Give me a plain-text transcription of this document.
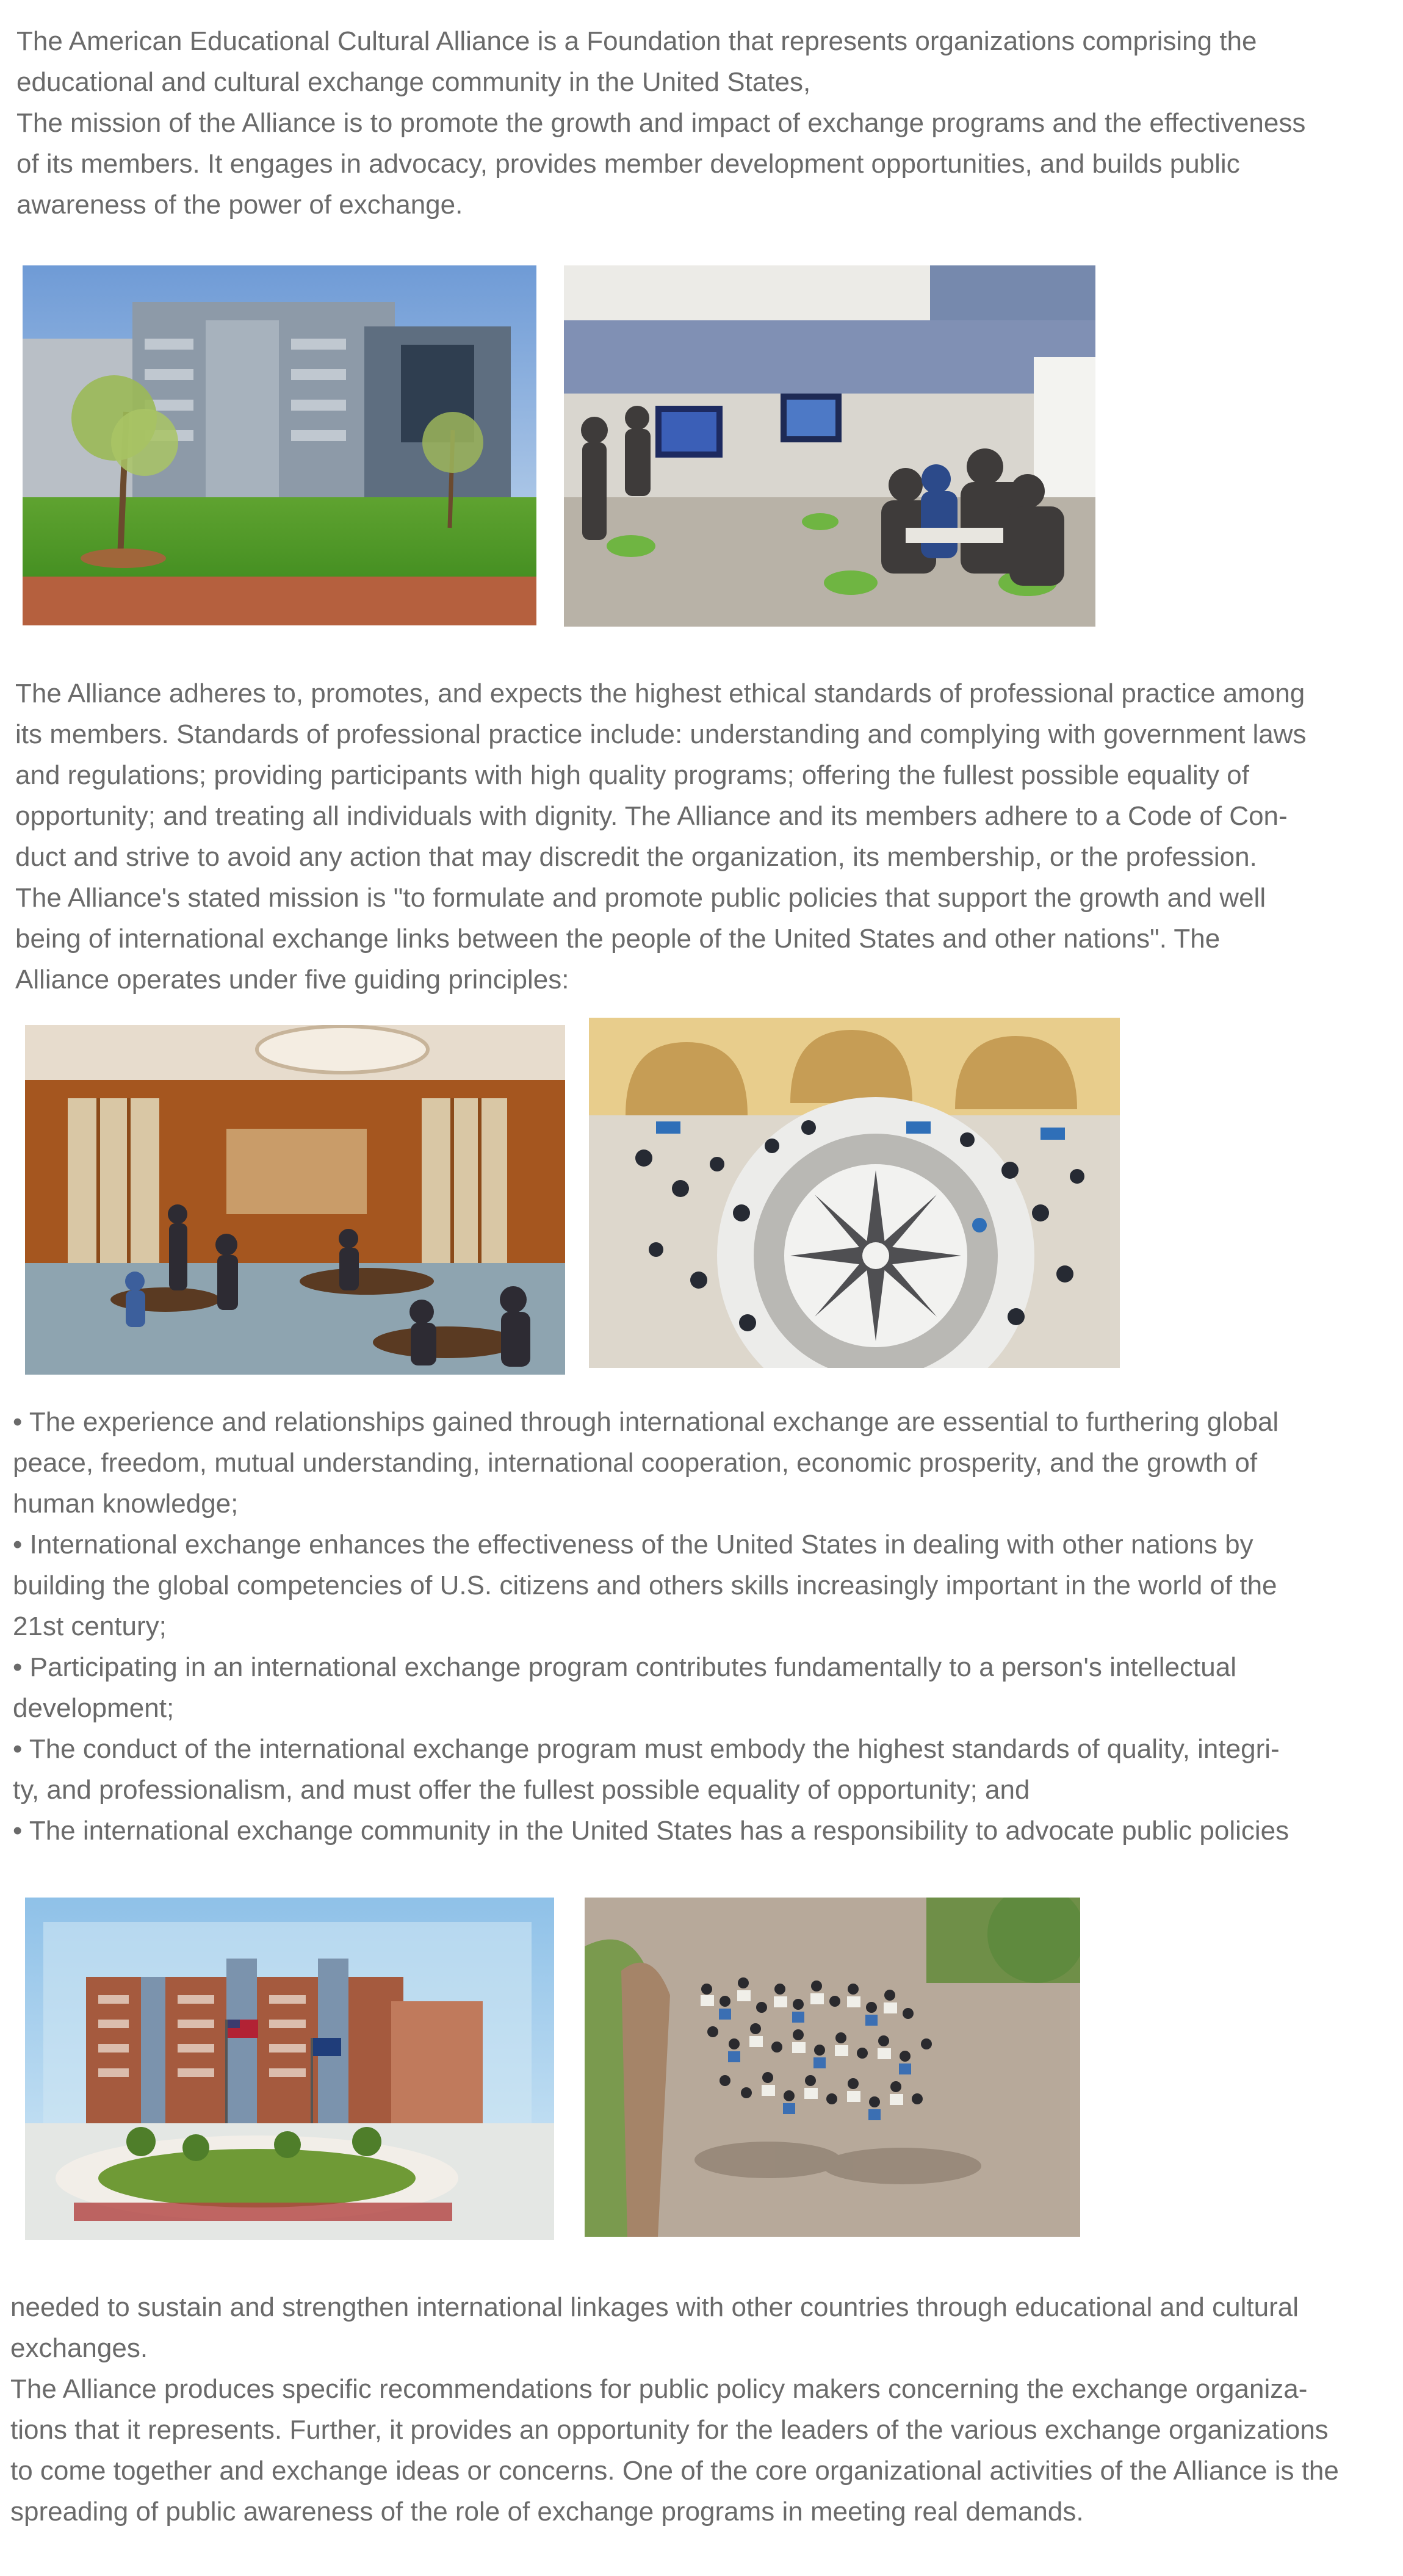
The American Educational Cultural Alliance is a Foundation that represents organizations comprising the
educational and cultural exchange community in the United States,
The mission of the Alliance is to promote the growth and impact of exchange programs and the effectiveness
of its members. It engages in advocacy, provides member development opportunities, and builds public
awareness of the power of exchange.
The Alliance adheres to, promotes, and expects the highest ethical standards of professional practice among
its members. Standards of professional practice include: understanding and complying with government laws
and regulations; providing participants with high quality programs; offering the fullest possible equality of
opportunity; and treating all individuals with dignity. The Alliance and its members adhere to a Code of Con-
duct and strive to avoid any action that may discredit the organization, its membership, or the profession.
The Alliance's stated mission is "to formulate and promote public policies that support the growth and well
being of international exchange links between the people of the United States and other nations". The
Alliance operates under five guiding principles:
• The experience and relationships gained through international exchange are essential to furthering global
peace, freedom, mutual understanding, international cooperation, economic prosperity, and the growth of
human knowledge;
• International exchange enhances the effectiveness of the United States in dealing with other nations by
building the global competencies of U.S. citizens and others skills increasingly important in the world of the
21st century;
• Participating in an international exchange program contributes fundamentally to a person's intellectual
development;
• The conduct of the international exchange program must embody the highest standards of quality, integri-
ty, and professionalism, and must offer the fullest possible equality of opportunity; and
• The international exchange community in the United States has a responsibility to advocate public policies
needed to sustain and strengthen international linkages with other countries through educational and cultural
exchanges.
The Alliance produces specific recommendations for public policy makers concerning the exchange organiza-
tions that it represents. Further, it provides an opportunity for the leaders of the various exchange organizations
to come together and exchange ideas or concerns. One of the core organizational activities of the Alliance is the
spreading of public awareness of the role of exchange programs in meeting real demands.
